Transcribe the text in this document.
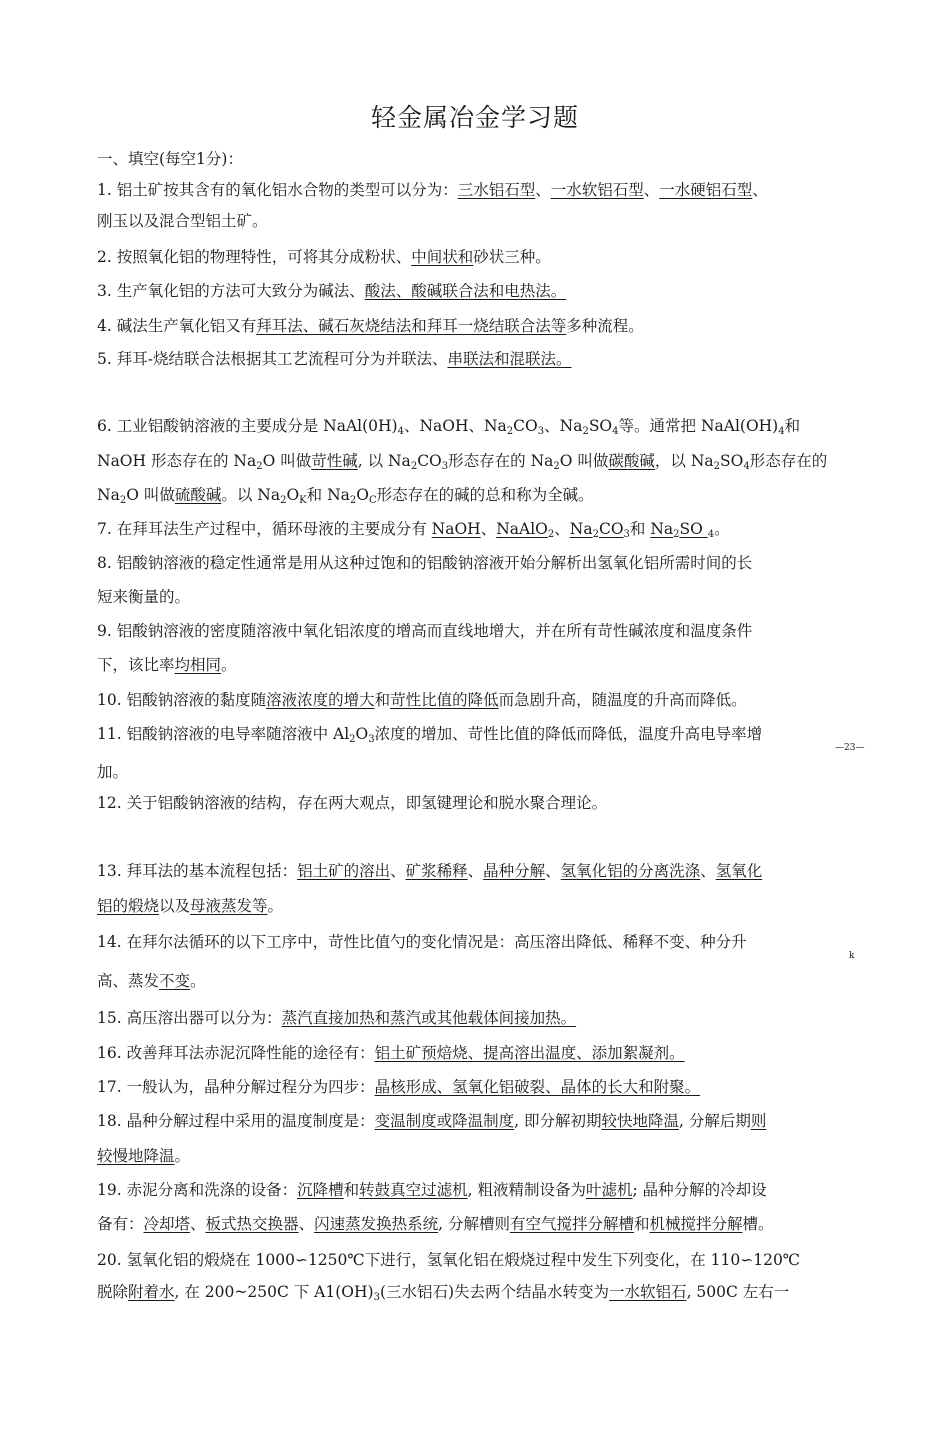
轻金属冶金学习题
一、填空(每空1分)：
1. 铝土矿按其含有的氧化铝水合物的类型可以分为：三水铝石型、一水软铝石型、一水硬铝石型、
刚玉以及混合型铝土矿。
2. 按照氧化铝的物理特性，可将其分成粉状、中间状和砂状三种。
3. 生产氧化铝的方法可大致分为碱法、酸法、酸碱联合法和电热法。
4. 碱法生产氧化铝又有拜耳法、碱石灰烧结法和拜耳一烧结联合法等多种流程。
5. 拜耳-烧结联合法根据其工艺流程可分为并联法、串联法和混联法。
6. 工业铝酸钠溶液的主要成分是 $NaAl(0H)_4$、NaOH、$Na_2CO_3$、$Na_2SO_4$等。通常把 $NaAl(OH)_4$和
NaOH 形态存在的 $Na_2O$ 叫做苛性碱, 以 $Na_2CO_3$形态存在的 $Na_2O$ 叫做碳酸碱，以 $Na_2SO_4$形态存在的
$Na_2O$ 叫做硫酸碱。以 $Na_2O_K$和 $Na_2O_C$形态存在的碱的总和称为全碱。
7. 在拜耳法生产过程中，循环母液的主要成分有 NaOH、NaAlO$_2$、$Na_2CO_3$和 $Na_2SO$ $_4$。
8. 铝酸钠溶液的稳定性通常是用从这种过饱和的铝酸钠溶液开始分解析出氢氧化铝所需时间的长
短来衡量的。
9. 铝酸钠溶液的密度随溶液中氧化铝浓度的增高而直线地增大，并在所有苛性碱浓度和温度条件
下，该比率均相同。
10. 铝酸钠溶液的黏度随溶液浓度的增大和苛性比值的降低而急剧升高，随温度的升高而降低。
11. 铝酸钠溶液的电导率随溶液中 $Al_2O_3$浓度的增加、苛性比值的降低而降低，温度升高电导率增
加。
12. 关于铝酸钠溶液的结构，存在两大观点，即氢键理论和脱水聚合理论。
13. 拜耳法的基本流程包括：铝土矿的溶出、矿浆稀释、晶种分解、氢氧化铝的分离洗涤、氢氧化
铝的煅烧以及母液蒸发等。
14. 在拜尔法循环的以下工序中，苛性比值勺的变化情况是：高压溶出降低、稀释不变、种分升
高、蒸发不变。
15. 高压溶出器可以分为：蒸汽直接加热和蒸汽或其他载体间接加热。
16. 改善拜耳法赤泥沉降性能的途径有：铝土矿预焙烧、提高溶出温度、添加絮凝剂。
17. 一般认为，晶种分解过程分为四步：晶核形成、氢氧化铝破裂、晶体的长大和附聚。
18. 晶种分解过程中采用的温度制度是：变温制度或降温制度, 即分解初期较快地降温, 分解后期则
较慢地降温。
19. 赤泥分离和洗涤的设备：沉降槽和转鼓真空过滤机, 粗液精制设备为叶滤机; 晶种分解的冷却设
备有：冷却塔、板式热交换器、闪速蒸发换热系统, 分解槽则有空气搅拌分解槽和机械搅拌分解槽。
20. 氢氧化铝的煅烧在 1000∽1250℃下进行，氢氧化铝在煅烧过程中发生下列变化，在 110∽120℃
脱除附着水, 在 200~250C 下 $A1(OH)_3$(三水铝石)失去两个结晶水转变为一水软铝石, 500C 左右一
—23—
k
